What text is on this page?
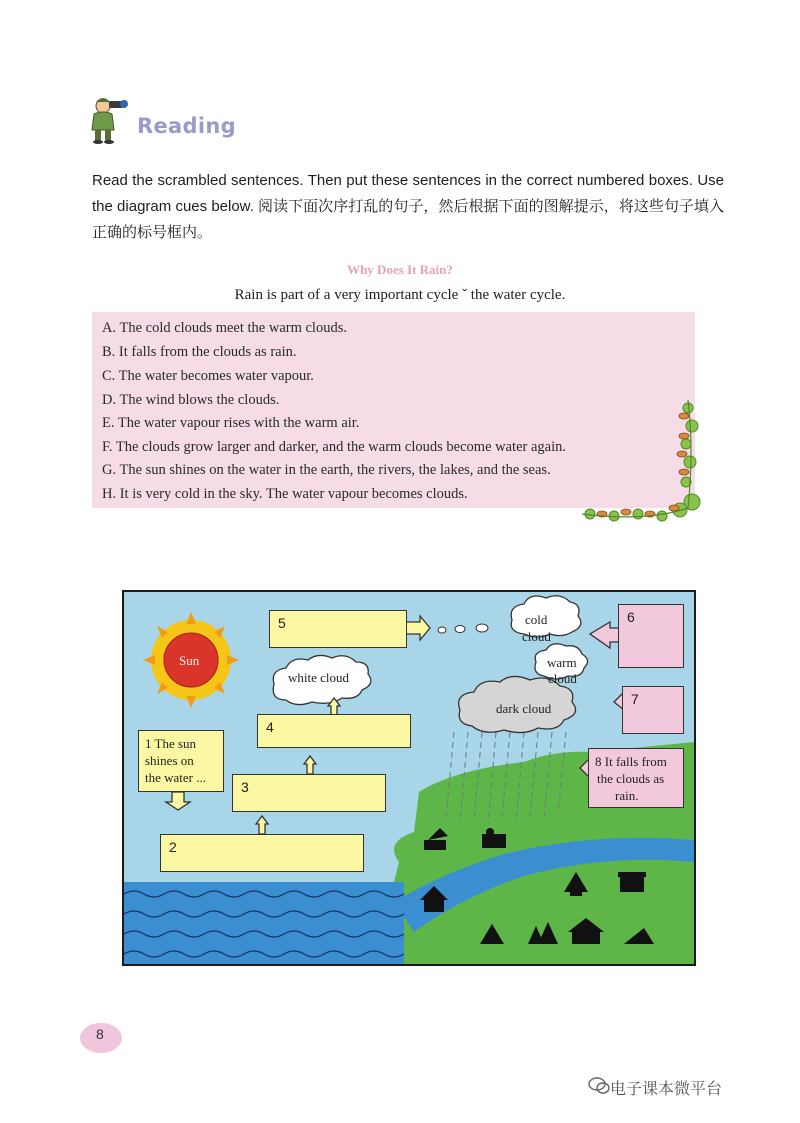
Reading
Read the scrambled sentences. Then put these sentences in the correct numbered boxes. Use the diagram cues below. 阅读下面次序打乱的句子，然后根据下面的图解提示，将这些句子填入正确的标号框内。
Why Does It Rain?
Rain is part of a very important cycle ˇ the water cycle.
A. The cold clouds meet the warm clouds.
B. It falls from the clouds as rain.
C. The water becomes water vapour.
D. The wind blows the clouds.
E. The water vapour rises with the warm air.
F. The clouds grow larger and darker, and the warm clouds become water again.
G. The sun shines on the water in the earth, the rivers, the lakes, and the seas.
H. It is very cold in the sky. The water vapour becomes clouds.
Sun
white cloud
cold
cloud
warm
cloud
dark cloud
5
4
3
2
1 The sun
shines on
the water ...
6
7
8 It falls from
the clouds as
rain.
8
电子课本微平台
